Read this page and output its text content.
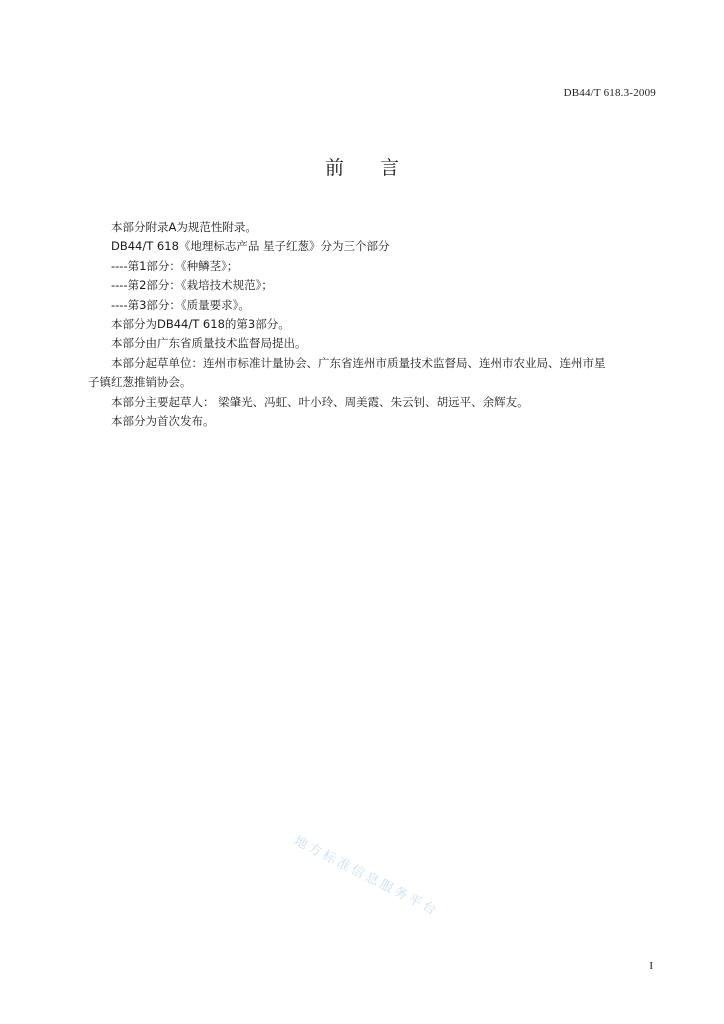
DB44/T 618.3-2009
前 言

本部分附录A为规范性附录。

DB44/T 618《地理标志产品 星子红葱》分为三个部分

----第1部分：《种鳞茎》；

----第2部分：《栽培技术规范》；

----第3部分：《质量要求》。

本部分为DB44/T 618的第3部分。

本部分由广东省质量技术监督局提出。

本部分起草单位：连州市标准计量协会、广东省连州市质量技术监督局、连州市农业局、连州市星

子镇红葱推销协会。

本部分主要起草人： 梁肇光、冯虹、叶小玲、周美霞、朱云钊、胡远平、余辉友。

本部分为首次发布。

地方标准信息服务平台
I
